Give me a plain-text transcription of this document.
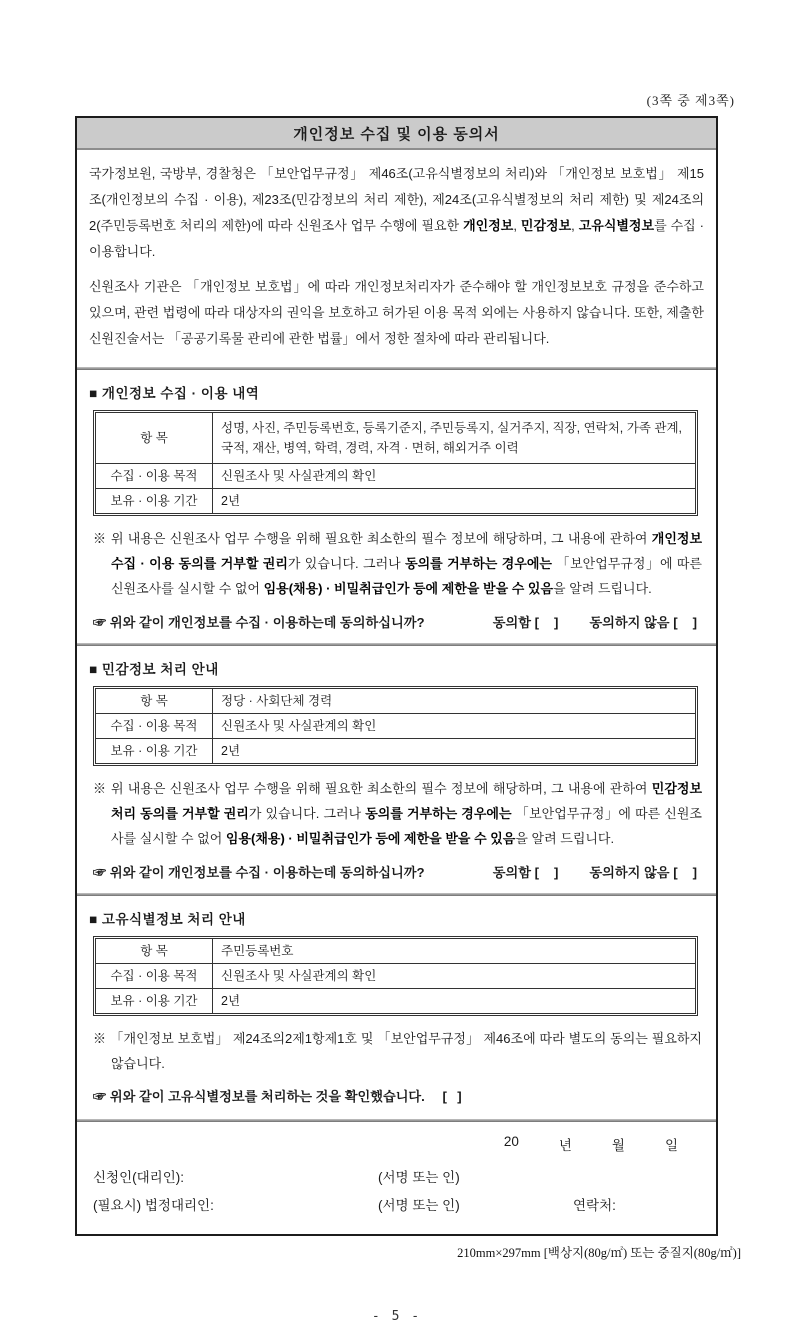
(3쪽 중 제3쪽)
개인정보 수집 및 이용 동의서

국가정보원, 국방부, 경찰청은 「보안업무규정」 제46조(고유식별정보의 처리)와 「개인정보 보호법」 제15조(개인정보의 수집 · 이용), 제23조(민감정보의 처리 제한), 제24조(고유식별정보의 처리 제한) 및 제24조의2(주민등록번호 처리의 제한)에 따라 신원조사 업무 수행에 필요한 개인정보, 민감정보, 고유식별정보를 수집 · 이용합니다.

신원조사 기관은 「개인정보 보호법」에 따라 개인정보처리자가 준수해야 할 개인정보보호 규정을 준수하고 있으며, 관련 법령에 따라 대상자의 권익을 보호하고 허가된 이용 목적 외에는 사용하지 않습니다. 또한, 제출한 신원진술서는 「공공기록물 관리에 관한 법률」에서 정한 절차에 따라 관리됩니다.

■ 개인정보 수집 · 이용 내역
항 목	성명, 사진, 주민등록번호, 등록기준지, 주민등록지, 실거주지, 직장, 연락처, 가족 관계, 국적, 재산, 병역, 학력, 경력, 자격 · 면허, 해외거주 이력
수집 · 이용 목적	신원조사 및 사실관계의 확인
보유 · 이용 기간	2년
※ 위 내용은 신원조사 업무 수행을 위해 필요한 최소한의 필수 정보에 해당하며, 그 내용에 관하여 개인정보 수집 · 이용 동의를 거부할 권리가 있습니다. 그러나 동의를 거부하는 경우에는 「보안업무규정」에 따른 신원조사를 실시할 수 없어 임용(채용) · 비밀취급인가 등에 제한을 받을 수 있음을 알려 드립니다.
☞ 위와 같이 개인정보를 수집 · 이용하는데 동의하십니까?	동의함 [   ] 동의하지 않음 [   ]
■ 민감정보 처리 안내
항 목	정당 · 사회단체 경력
수집 · 이용 목적	신원조사 및 사실관계의 확인
보유 · 이용 기간	2년
※ 위 내용은 신원조사 업무 수행을 위해 필요한 최소한의 필수 정보에 해당하며, 그 내용에 관하여 민감정보 처리 동의를 거부할 권리가 있습니다. 그러나 동의를 거부하는 경우에는 「보안업무규정」에 따른 신원조사를 실시할 수 없어 임용(채용) · 비밀취급인가 등에 제한을 받을 수 있음을 알려 드립니다.
☞ 위와 같이 개인정보를 수집 · 이용하는데 동의하십니까?	동의함 [   ] 동의하지 않음 [   ]
■ 고유식별정보 처리 안내
항 목	주민등록번호
수집 · 이용 목적	신원조사 및 사실관계의 확인
보유 · 이용 기간	2년
※ 「개인정보 보호법」 제24조의2제1항제1호 및 「보안업무규정」 제46조에 따라 별도의 동의는 필요하지 않습니다.
☞ 위와 같이 고유식별정보를 처리하는 것을 확인했습니다. [  ]
20	년	월	일
신청인(대리인):	(서명 또는 인)
(필요시) 법정대리인:	(서명 또는 인)	연락처:
210mm×297mm [백상지(80g/㎡) 또는 중질지(80g/㎡)]
- 5 -
